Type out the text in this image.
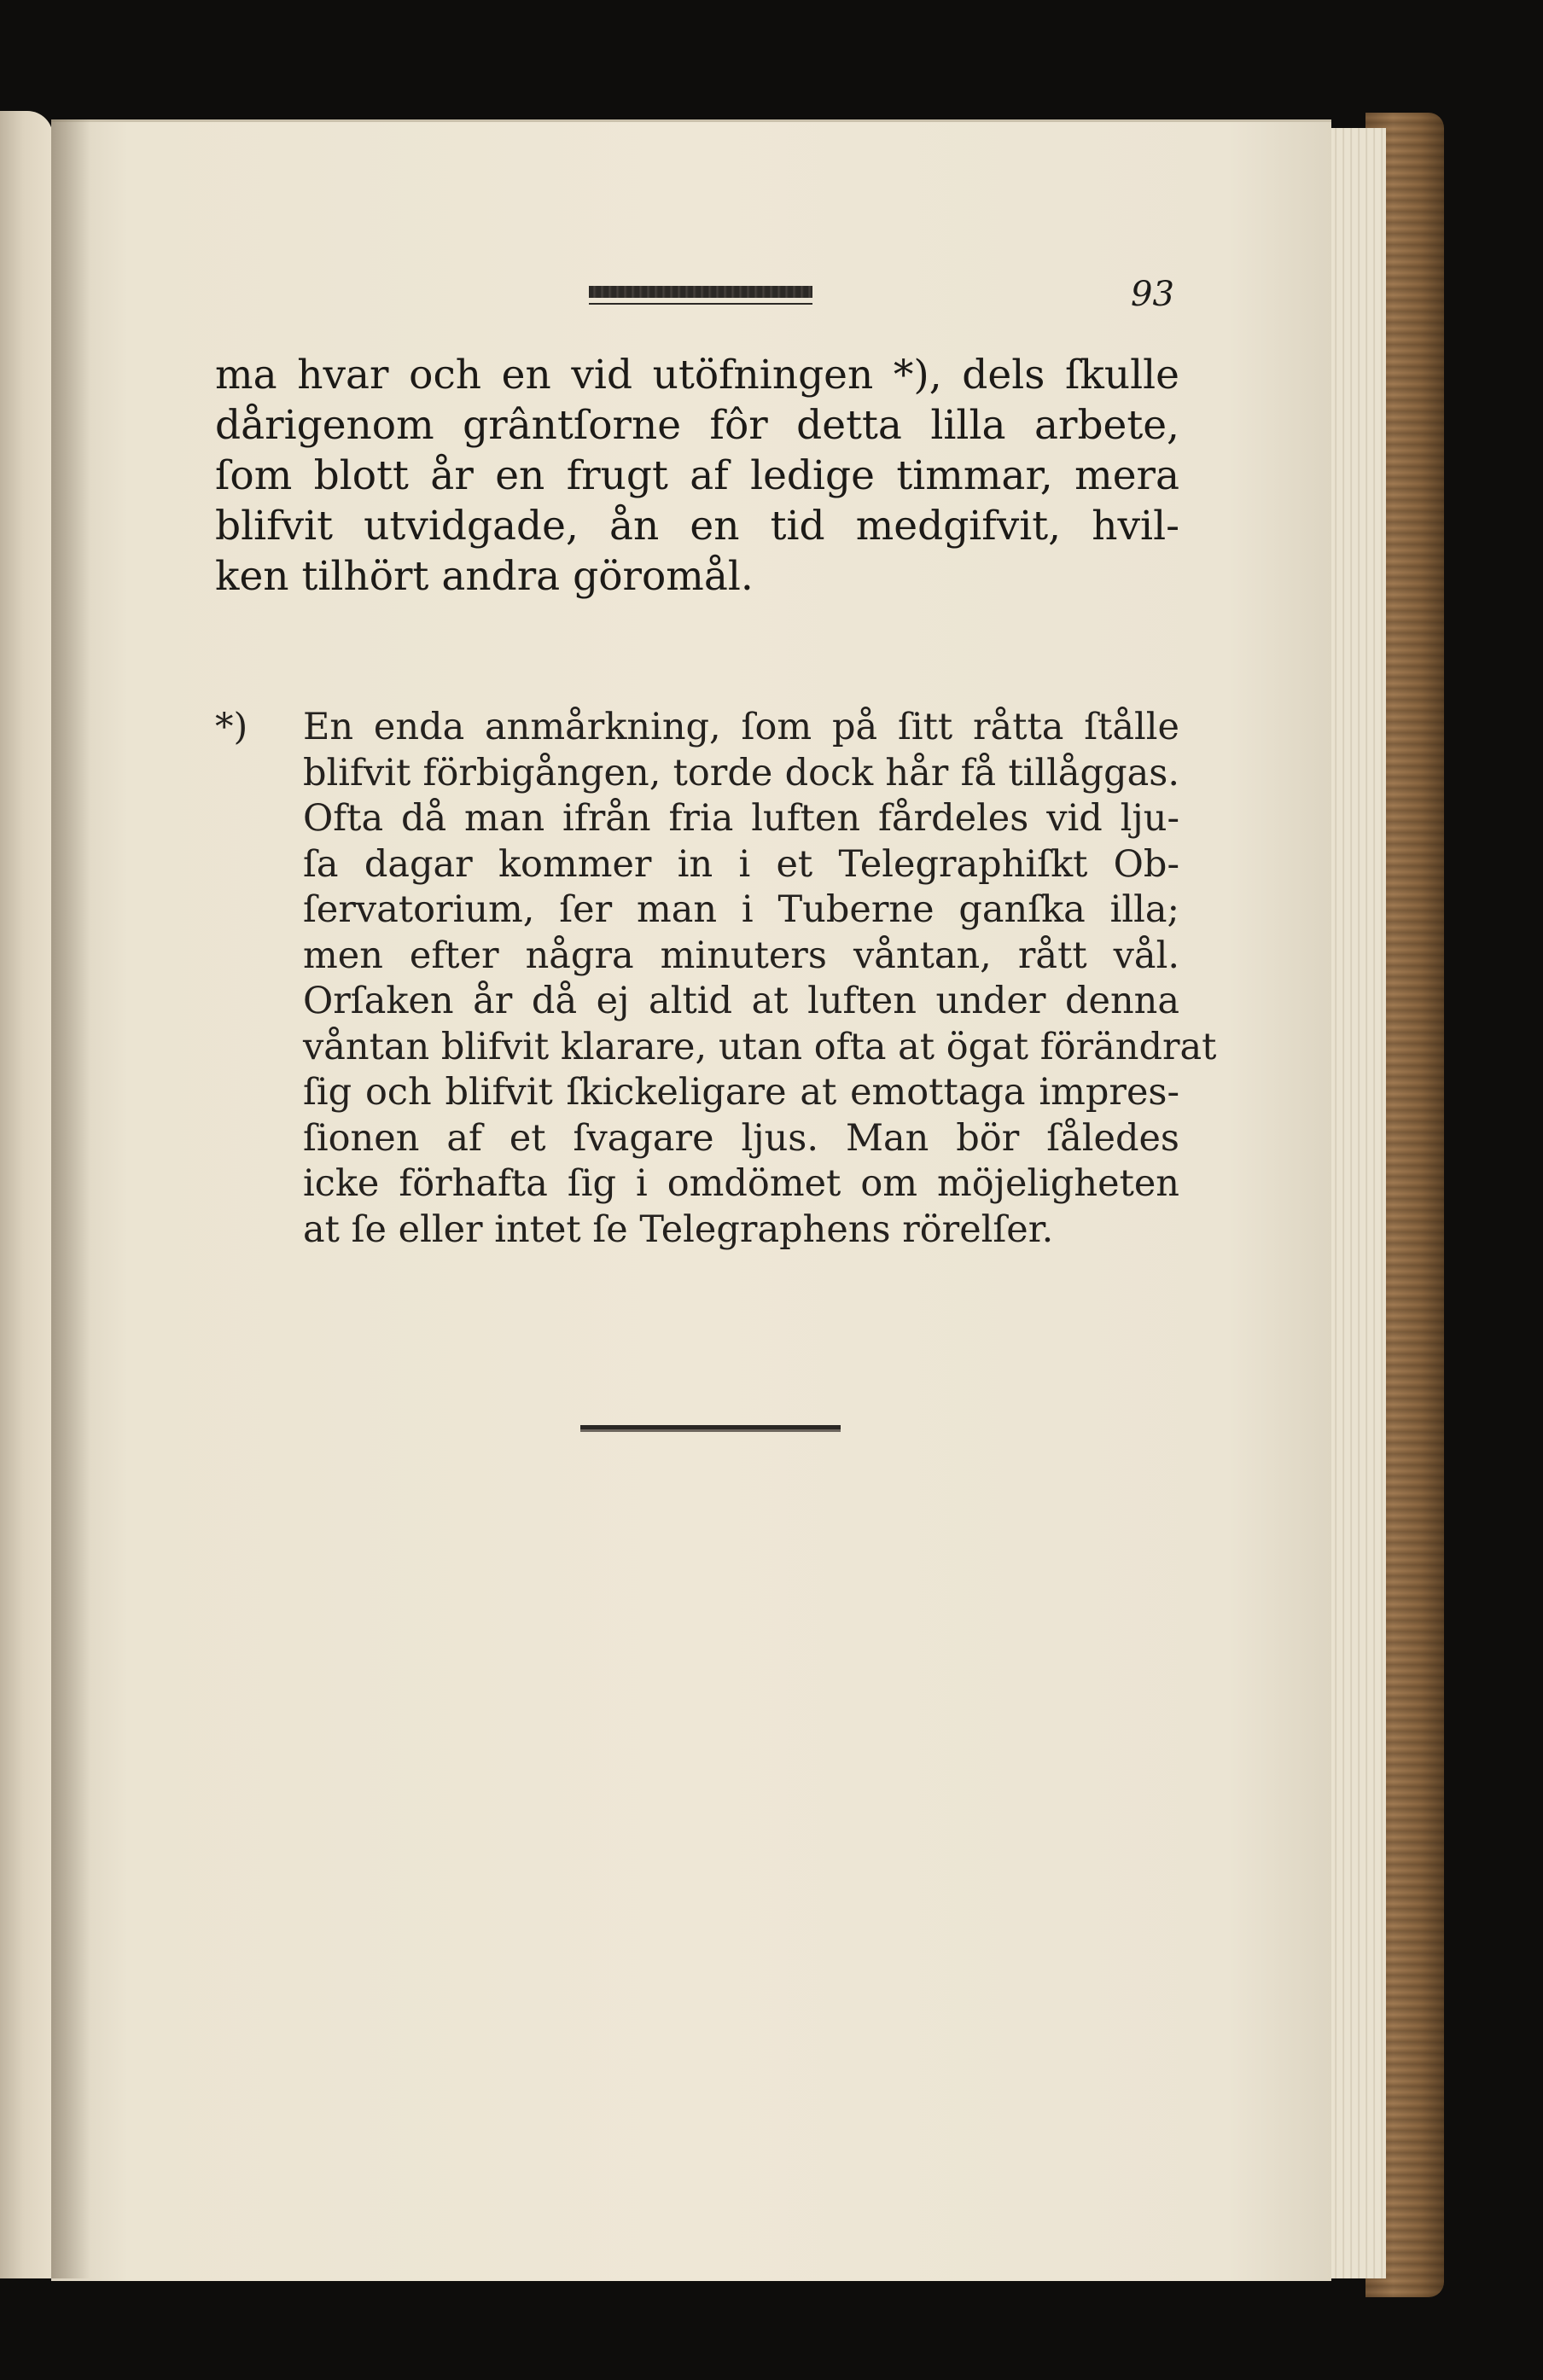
93
ma hvar och en vid utöfningen *), dels ſkulle
dårigenom grântſorne fôr detta lilla arbete,
ſom blott år en frugt af ledige timmar, mera
blifvit utvidgade, ån en tid medgifvit, hvil-
ken tilhört andra göromål.
*)	En enda anmårkning, ſom på ſitt råtta ſtålle
blifvit förbigången, torde dock hår få tillåggas.
Ofta då man ifrån fria luften fårdeles vid lju-
ſa dagar kommer in i et Telegraphiſkt Ob-
ſervatorium, ſer man i Tuberne ganſka illa;
men efter några minuters våntan, rått vål.
Orſaken år då ej altid at luften under denna
våntan blifvit klarare, utan ofta at ögat förändrat
ſig och blifvit ſkickeligare at emottaga impres-
ſionen af et ſvagare ljus. Man bör ſåledes
icke förhafta ſig i omdömet om möjeligheten
at ſe eller intet ſe Telegraphens rörelſer.
